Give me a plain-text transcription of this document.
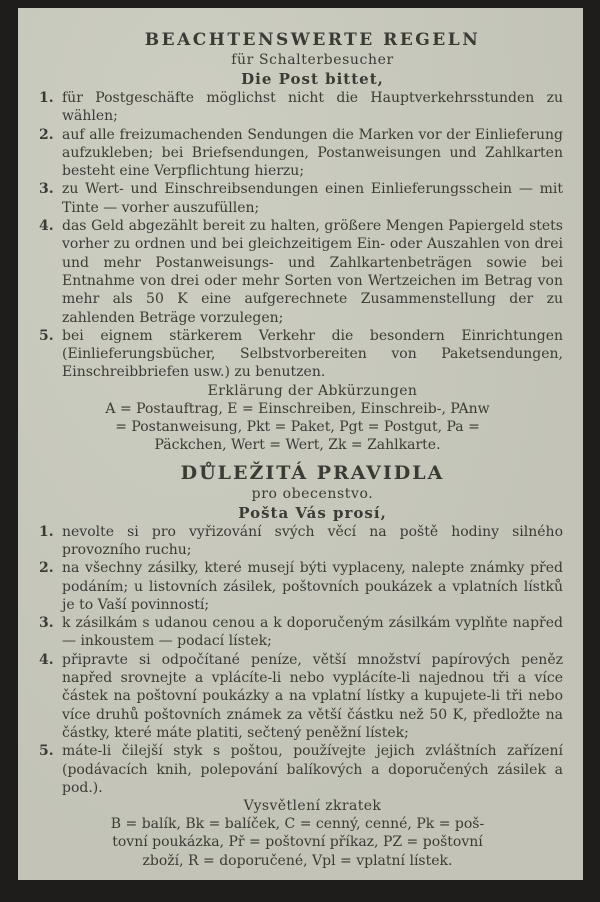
BEACHTENSWERTE REGELN

für Schalterbesucher

Die Post bittet,

1. für Postgeschäfte möglichst nicht die Hauptverkehrsstunden zu wählen;
2. auf alle freizumachenden Sendungen die Marken vor der Einlieferung aufzukleben; bei Briefsendungen, Postanweisungen und Zahlkarten besteht eine Verpflichtung hierzu;
3. zu Wert- und Einschreibsendungen einen Einlieferungsschein — mit Tinte — vorher auszufüllen;
4. das Geld abgezählt bereit zu halten, größere Mengen Papiergeld stets vorher zu ordnen und bei gleichzeitigem Ein- oder Auszahlen von drei und mehr Postanweisungs- und Zahlkartenbeträgen sowie bei Entnahme von drei oder mehr Sorten von Wertzeichen im Betrag von mehr als 50 K eine aufgerechnete Zusammenstellung der zu zahlenden Beträge vorzulegen;
5. bei eignem stärkerem Verkehr die besondern Einrichtungen (Einlieferungsbücher, Selbstvorbereiten von Paketsendungen, Einschreibbriefen usw.) zu benutzen.

Erklärung der Abkürzungen

A = Postauftrag, E = Einschreiben, Einschreib-, PAnw
= Postanweisung, Pkt = Paket, Pgt = Postgut, Pa =
Päckchen, Wert = Wert, Zk = Zahlkarte.
DŮLEŽITÁ PRAVIDLA

pro obecenstvo.

Pošta Vás prosí,

1. nevolte si pro vyřizování svých věcí na poště hodiny silného provozního ruchu;
2. na všechny zásilky, které musejí býti vyplaceny, nalepte známky před podáním; u listovních zásilek, poštovních poukázek a vplatních lístků je to Vaší povinností;
3. k zásilkám s udanou cenou a k doporučeným zásilkám vyplňte napřed — inkoustem — podací lístek;
4. připravte si odpočítané peníze, větší množství papírových peněz napřed srovnejte a vplácíte-li nebo vyplácíte-li najednou tři a více částek na poštovní poukázky a na vplatní lístky a kupujete-li tři nebo více druhů poštovních známek za větší částku než 50 K, předložte na částky, které máte platiti, sečtený peněžní lístek;
5. máte-li čilejší styk s poštou, používejte jejich zvláštních zařízení (podávacích knih, polepování balíkových a doporučených zásilek a pod.).

Vysvětlení zkratek

B = balík, Bk = balíček, C = cenný, cenné, Pk = poš-
tovní poukázka, Př = poštovní příkaz, PZ = poštovní
zboží, R = doporučené, Vpl = vplatní lístek.
